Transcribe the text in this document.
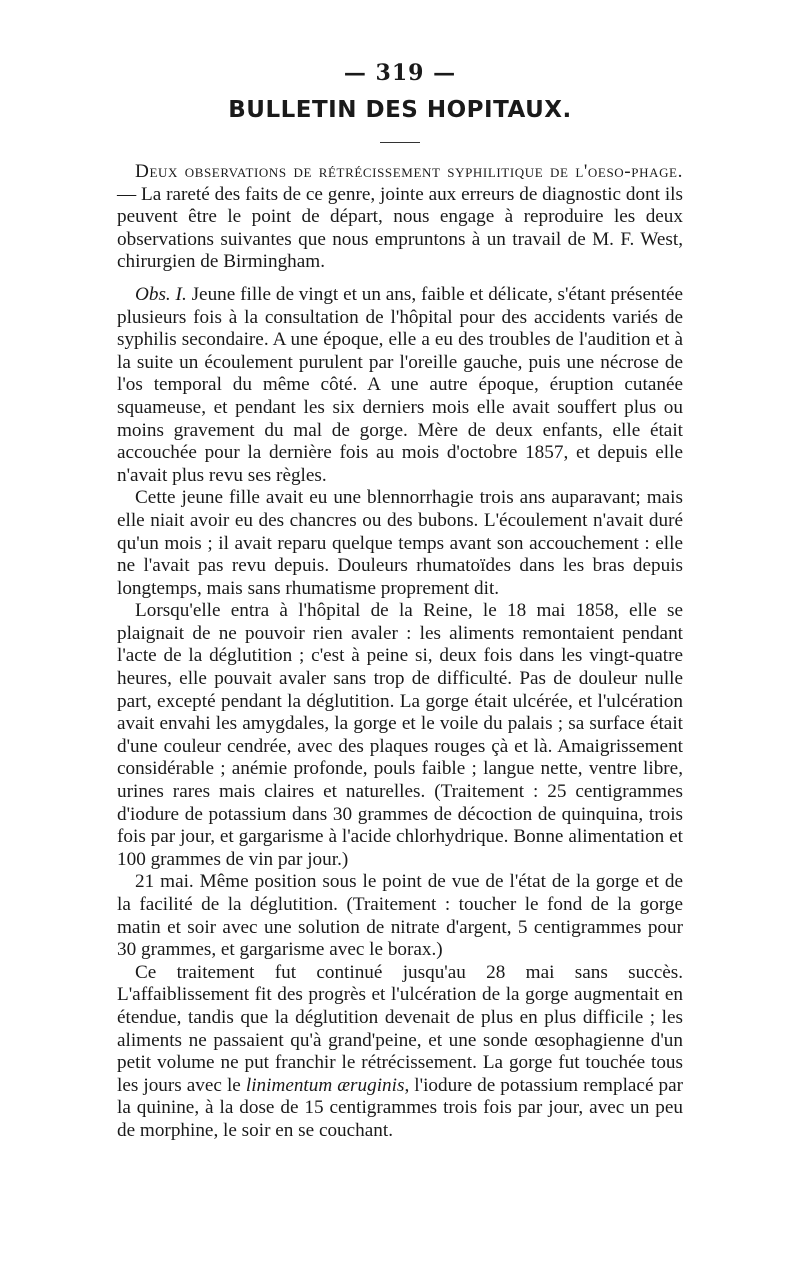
— 319 —
BULLETIN DES HOPITAUX.

Deux observations de rétrécissement syphilitique de l'oeso-phage. — La rareté des faits de ce genre, jointe aux erreurs de diagnostic dont ils peuvent être le point de départ, nous engage à reproduire les deux observations suivantes que nous empruntons à un travail de M. F. West, chirurgien de Birmingham.

Obs. I. Jeune fille de vingt et un ans, faible et délicate, s'étant présentée plusieurs fois à la consultation de l'hôpital pour des accidents variés de syphilis secondaire. A une époque, elle a eu des troubles de l'audition et à la suite un écoulement purulent par l'oreille gauche, puis une nécrose de l'os temporal du même côté. A une autre époque, éruption cutanée squameuse, et pendant les six derniers mois elle avait souffert plus ou moins gravement du mal de gorge. Mère de deux enfants, elle était accouchée pour la dernière fois au mois d'octobre 1857, et depuis elle n'avait plus revu ses règles.

Cette jeune fille avait eu une blennorrhagie trois ans auparavant; mais elle niait avoir eu des chancres ou des bubons. L'écoulement n'avait duré qu'un mois ; il avait reparu quelque temps avant son accouchement : elle ne l'avait pas revu depuis. Douleurs rhumatoïdes dans les bras depuis longtemps, mais sans rhumatisme proprement dit.

Lorsqu'elle entra à l'hôpital de la Reine, le 18 mai 1858, elle se plaignait de ne pouvoir rien avaler : les aliments remontaient pendant l'acte de la déglutition ; c'est à peine si, deux fois dans les vingt-quatre heures, elle pouvait avaler sans trop de difficulté. Pas de douleur nulle part, excepté pendant la déglutition. La gorge était ulcérée, et l'ulcération avait envahi les amygdales, la gorge et le voile du palais ; sa surface était d'une couleur cendrée, avec des plaques rouges çà et là. Amaigrissement considérable ; anémie profonde, pouls faible ; langue nette, ventre libre, urines rares mais claires et naturelles. (Traitement : 25 centigrammes d'iodure de potassium dans 30 grammes de décoction de quinquina, trois fois par jour, et gargarisme à l'acide chlorhydrique. Bonne alimentation et 100 grammes de vin par jour.)

21 mai. Même position sous le point de vue de l'état de la gorge et de la facilité de la déglutition. (Traitement : toucher le fond de la gorge matin et soir avec une solution de nitrate d'argent, 5 centigrammes pour 30 grammes, et gargarisme avec le borax.)

Ce traitement fut continué jusqu'au 28 mai sans succès. L'affaiblissement fit des progrès et l'ulcération de la gorge augmentait en étendue, tandis que la déglutition devenait de plus en plus difficile ; les aliments ne passaient qu'à grand'peine, et une sonde œsophagienne d'un petit volume ne put franchir le rétrécissement. La gorge fut touchée tous les jours avec le linimentum æruginis, l'iodure de potassium remplacé par la quinine, à la dose de 15 centigrammes trois fois par jour, avec un peu de morphine, le soir en se couchant.
